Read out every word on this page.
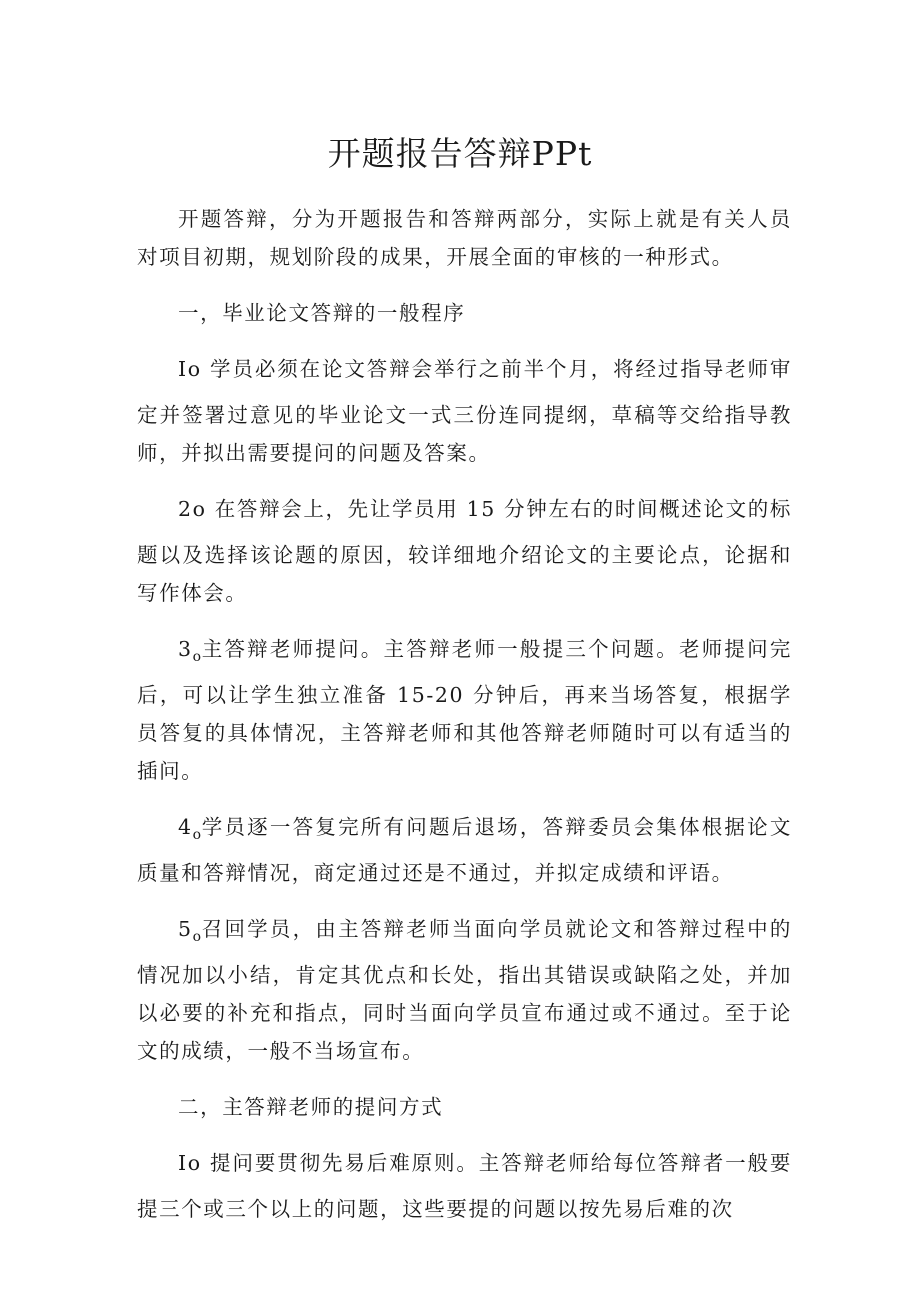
开题报告答辩PPt

开题答辩，分为开题报告和答辩两部分，实际上就是有关人员对项目初期，规划阶段的成果，开展全面的审核的一种形式。

一，毕业论文答辩的一般程序

Io 学员必须在论文答辩会举行之前半个月，将经过指导老师审定并签署过意见的毕业论文一式三份连同提纲，草稿等交给指导教师，并拟出需要提问的问题及答案。

2o 在答辩会上，先让学员用 15 分钟左右的时间概述论文的标题以及选择该论题的原因，较详细地介绍论文的主要论点，论据和写作体会。

$3_o$主答辩老师提问。主答辩老师一般提三个问题。老师提问完后，可以让学生独立准备 15-20 分钟后，再来当场答复，根据学员答复的具体情况，主答辩老师和其他答辩老师随时可以有适当的插问。

$4_o$学员逐一答复完所有问题后退场，答辩委员会集体根据论文质量和答辩情况，商定通过还是不通过，并拟定成绩和评语。

$5_o$召回学员，由主答辩老师当面向学员就论文和答辩过程中的情况加以小结，肯定其优点和长处，指出其错误或缺陷之处，并加以必要的补充和指点，同时当面向学员宣布通过或不通过。至于论文的成绩，一般不当场宣布。

二，主答辩老师的提问方式

Io 提问要贯彻先易后难原则。主答辩老师给每位答辩者一般要提三个或三个以上的问题，这些要提的问题以按先易后难的次
